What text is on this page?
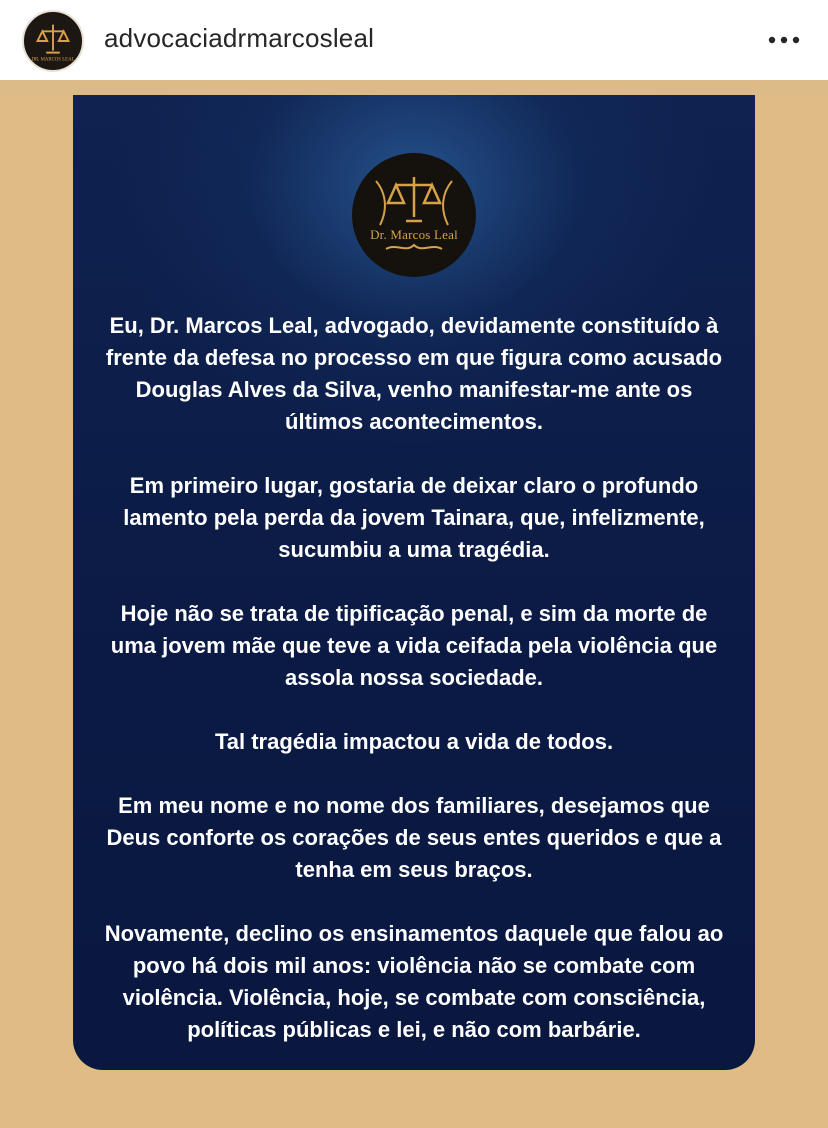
DR. MARCOS LEAL
advocaciadrmarcosleal
Dr. Marcos Leal

Eu, Dr. Marcos Leal, advogado, devidamente constituído à
frente da defesa no processo em que figura como acusado
Douglas Alves da Silva, venho manifestar-me ante os
últimos acontecimentos.

Em primeiro lugar, gostaria de deixar claro o profundo
lamento pela perda da jovem Tainara, que, infelizmente,
sucumbiu a uma tragédia.

Hoje não se trata de tipificação penal, e sim da morte de
uma jovem mãe que teve a vida ceifada pela violência que
assola nossa sociedade.

Tal tragédia impactou a vida de todos.

Em meu nome e no nome dos familiares, desejamos que
Deus conforte os corações de seus entes queridos e que a
tenha em seus braços.

Novamente, declino os ensinamentos daquele que falou ao
povo há dois mil anos: violência não se combate com
violência. Violência, hoje, se combate com consciência,
políticas públicas e lei, e não com barbárie.
